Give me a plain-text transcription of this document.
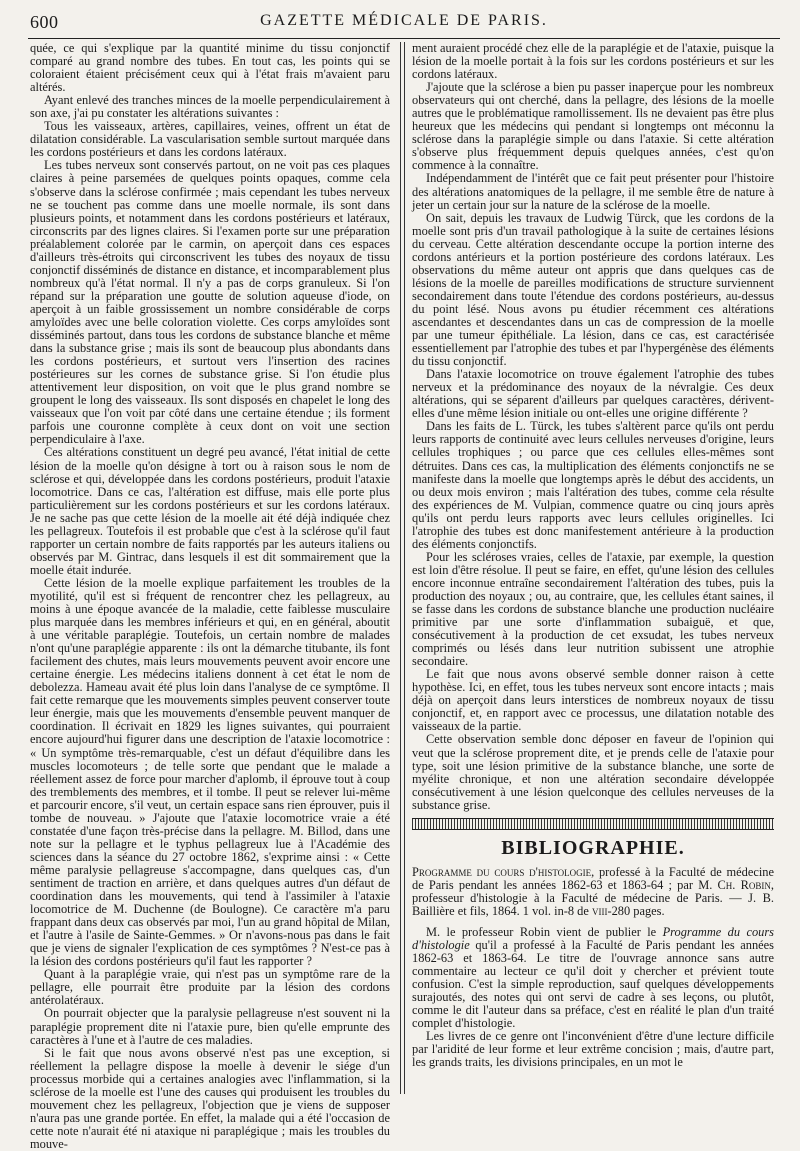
600	GAZETTE MÉDICALE DE PARIS.

quée, ce qui s'explique par la quantité minime du tissu conjonctif comparé au grand nombre des tubes. En tout cas, les points qui se coloraient étaient précisément ceux qui à l'état frais m'avaient paru altérés.

Ayant enlevé des tranches minces de la moelle perpendiculairement à son axe, j'ai pu constater les altérations suivantes :

Tous les vaisseaux, artères, capillaires, veines, offrent un état de dilatation considérable. La vascularisation semble surtout marquée dans les cordons postérieurs et dans les cordons latéraux.

Les tubes nerveux sont conservés partout, on ne voit pas ces plaques claires à peine parsemées de quelques points opaques, comme cela s'observe dans la sclérose confirmée ; mais cependant les tubes nerveux ne se touchent pas comme dans une moelle normale, ils sont dans plusieurs points, et notamment dans les cordons postérieurs et latéraux, circonscrits par des lignes claires. Si l'examen porte sur une préparation préalablement colorée par le carmin, on aperçoit dans ces espaces d'ailleurs très-étroits qui circonscrivent les tubes des noyaux de tissu conjonctif disséminés de distance en distance, et incomparablement plus nombreux qu'à l'état normal. Il n'y a pas de corps granuleux. Si l'on répand sur la préparation une goutte de solution aqueuse d'iode, on aperçoit à un faible grossissement un nombre considérable de corps amyloïdes avec une belle coloration violette. Ces corps amyloïdes sont disséminés partout, dans tous les cordons de substance blanche et même dans la substance grise ; mais ils sont de beaucoup plus abondants dans les cordons postérieurs, et surtout vers l'insertion des racines postérieures sur les cornes de substance grise. Si l'on étudie plus attentivement leur disposition, on voit que le plus grand nombre se groupent le long des vaisseaux. Ils sont disposés en chapelet le long des vaisseaux que l'on voit par côté dans une certaine étendue ; ils forment parfois une couronne complète à ceux dont on voit une section perpendiculaire à l'axe.

Ces altérations constituent un degré peu avancé, l'état initial de cette lésion de la moelle qu'on désigne à tort ou à raison sous le nom de sclérose et qui, développée dans les cordons postérieurs, produit l'ataxie locomotrice. Dans ce cas, l'altération est diffuse, mais elle porte plus particulièrement sur les cordons postérieurs et sur les cordons latéraux. Je ne sache pas que cette lésion de la moelle ait été déjà indiquée chez les pellagreux. Toutefois il est probable que c'est à la sclérose qu'il faut rapporter un certain nombre de faits rapportés par les auteurs italiens ou observés par M. Gintrac, dans lesquels il est dit sommairement que la moelle était indurée.

Cette lésion de la moelle explique parfaitement les troubles de la myotilité, qu'il est si fréquent de rencontrer chez les pellagreux, au moins à une époque avancée de la maladie, cette faiblesse musculaire plus marquée dans les membres inférieurs et qui, en en général, aboutit à une véritable paraplégie. Toutefois, un certain nombre de malades n'ont qu'une paraplégie apparente : ils ont la démarche titubante, ils font facilement des chutes, mais leurs mouvements peuvent avoir encore une certaine énergie. Les médecins italiens donnent à cet état le nom de debolezza. Hameau avait été plus loin dans l'analyse de ce symptôme. Il fait cette remarque que les mouvements simples peuvent conserver toute leur énergie, mais que les mouvements d'ensemble peuvent manquer de coordination. Il écrivait en 1829 les lignes suivantes, qui pourraient encore aujourd'hui figurer dans une description de l'ataxie locomotrice : « Un symptôme très-remarquable, c'est un défaut d'équilibre dans les muscles locomoteurs ; de telle sorte que pendant que le malade a réellement assez de force pour marcher d'aplomb, il éprouve tout à coup des tremblements des membres, et il tombe. Il peut se relever lui-même et parcourir encore, s'il veut, un certain espace sans rien éprouver, puis il tombe de nouveau. » J'ajoute que l'ataxie locomotrice vraie a été constatée d'une façon très-précise dans la pellagre. M. Billod, dans une note sur la pellagre et le typhus pellagreux lue à l'Académie des sciences dans la séance du 27 octobre 1862, s'exprime ainsi : « Cette même paralysie pellagreuse s'accompagne, dans quelques cas, d'un sentiment de traction en arrière, et dans quelques autres d'un défaut de coordination dans les mouvements, qui tend à l'assimiler à l'ataxie locomotrice de M. Duchenne (de Boulogne). Ce caractère m'a paru frappant dans deux cas observés par moi, l'un au grand hôpital de Milan, et l'autre à l'asile de Sainte-Gemmes. » Or n'avons-nous pas dans le fait que je viens de signaler l'explication de ces symptômes ? N'est-ce pas à la lésion des cordons postérieurs qu'il faut les rapporter ?

Quant à la paraplégie vraie, qui n'est pas un symptôme rare de la pellagre, elle pourrait être produite par la lésion des cordons antérolatéraux.

On pourrait objecter que la paralysie pellagreuse n'est souvent ni la paraplégie proprement dite ni l'ataxie pure, bien qu'elle emprunte des caractères à l'une et à l'autre de ces maladies.

Si le fait que nous avons observé n'est pas une exception, si réellement la pellagre dispose la moelle à devenir le siége d'un processus morbide qui a certaines analogies avec l'inflammation, si la sclérose de la moelle est l'une des causes qui produisent les troubles du mouvement chez les pellagreux, l'objection que je viens de supposer n'aura pas une grande portée. En effet, la malade qui a été l'occasion de cette note n'aurait été ni ataxique ni paraplégique ; mais les troubles du mouve-

ment auraient procédé chez elle de la paraplégie et de l'ataxie, puisque la lésion de la moelle portait à la fois sur les cordons postérieurs et sur les cordons latéraux.

J'ajoute que la sclérose a bien pu passer inaperçue pour les nombreux observateurs qui ont cherché, dans la pellagre, des lésions de la moelle autres que le problématique ramollissement. Ils ne devaient pas être plus heureux que les médecins qui pendant si longtemps ont méconnu la sclérose dans la paraplégie simple ou dans l'ataxie. Si cette altération s'observe plus fréquemment depuis quelques années, c'est qu'on commence à la connaître.

Indépendamment de l'intérêt que ce fait peut présenter pour l'histoire des altérations anatomiques de la pellagre, il me semble être de nature à jeter un certain jour sur la nature de la sclérose de la moelle.

On sait, depuis les travaux de Ludwig Türck, que les cordons de la moelle sont pris d'un travail pathologique à la suite de certaines lésions du cerveau. Cette altération descendante occupe la portion interne des cordons antérieurs et la portion postérieure des cordons latéraux. Les observations du même auteur ont appris que dans quelques cas de lésions de la moelle de pareilles modifications de structure surviennent secondairement dans toute l'étendue des cordons postérieurs, au-dessus du point lésé. Nous avons pu étudier récemment ces altérations ascendantes et descendantes dans un cas de compression de la moelle par une tumeur épithéliale. La lésion, dans ce cas, est caractérisée essentiellement par l'atrophie des tubes et par l'hypergénèse des éléments du tissu conjonctif.

Dans l'ataxie locomotrice on trouve également l'atrophie des tubes nerveux et la prédominance des noyaux de la névralgie. Ces deux altérations, qui se séparent d'ailleurs par quelques caractères, dérivent-elles d'une même lésion initiale ou ont-elles une origine différente ?

Dans les faits de L. Türck, les tubes s'altèrent parce qu'ils ont perdu leurs rapports de continuité avec leurs cellules nerveuses d'origine, leurs cellules trophiques ; ou parce que ces cellules elles-mêmes sont détruites. Dans ces cas, la multiplication des éléments conjonctifs ne se manifeste dans la moelle que longtemps après le début des accidents, un ou deux mois environ ; mais l'altération des tubes, comme cela résulte des expériences de M. Vulpian, commence quatre ou cinq jours après qu'ils ont perdu leurs rapports avec leurs cellules originelles. Ici l'atrophie des tubes est donc manifestement antérieure à la production des éléments conjonctifs.

Pour les scléroses vraies, celles de l'ataxie, par exemple, la question est loin d'être résolue. Il peut se faire, en effet, qu'une lésion des cellules encore inconnue entraîne secondairement l'altération des tubes, puis la production des noyaux ; ou, au contraire, que, les cellules étant saines, il se fasse dans les cordons de substance blanche une production nucléaire primitive par une sorte d'inflammation subaiguë, et que, consécutivement à la production de cet exsudat, les tubes nerveux comprimés ou lésés dans leur nutrition subissent une atrophie secondaire.

Le fait que nous avons observé semble donner raison à cette hypothèse. Ici, en effet, tous les tubes nerveux sont encore intacts ; mais déjà on aperçoit dans leurs interstices de nombreux noyaux de tissu conjonctif, et, en rapport avec ce processus, une dilatation notable des vaisseaux de la partie.

Cette observation semble donc déposer en faveur de l'opinion qui veut que la sclérose proprement dite, et je prends celle de l'ataxie pour type, soit une lésion primitive de la substance blanche, une sorte de myélite chronique, et non une altération secondaire développée consécutivement à une lésion quelconque des cellules nerveuses de la substance grise.

BIBLIOGRAPHIE.

Programme du cours d'histologie, professé à la Faculté de médecine de Paris pendant les années 1862-63 et 1863-64 ; par M. Ch. Robin, professeur d'histologie à la Faculté de médecine de Paris. — J. B. Baillière et fils, 1864. 1 vol. in-8 de viii-280 pages.

M. le professeur Robin vient de publier le Programme du cours d'histologie qu'il a professé à la Faculté de Paris pendant les années 1862-63 et 1863-64. Le titre de l'ouvrage annonce sans autre commentaire au lecteur ce qu'il doit y chercher et prévient toute confusion. C'est la simple reproduction, sauf quelques développements surajoutés, des notes qui ont servi de cadre à ses leçons, ou plutôt, comme le dit l'auteur dans sa préface, c'est en réalité le plan d'un traité complet d'histologie.

Les livres de ce genre ont l'inconvénient d'être d'une lecture difficile par l'aridité de leur forme et leur extrême concision ; mais, d'autre part, les grands traits, les divisions principales, en un mot le
